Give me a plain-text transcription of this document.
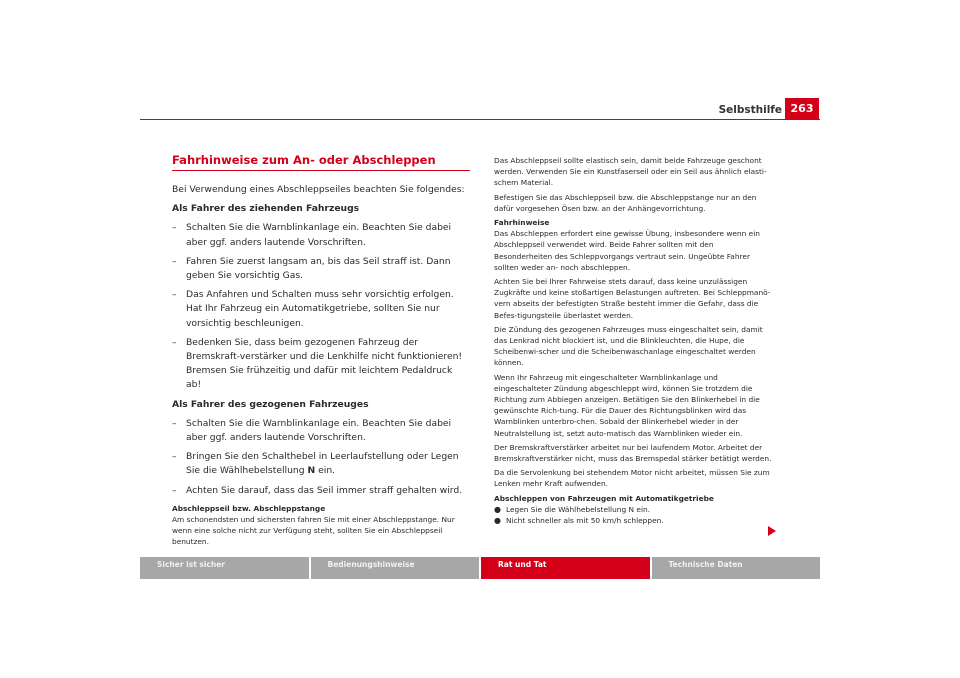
Selbsthilfe 263
Fahrhinweise zum An- oder Abschleppen
Bei Verwendung eines Abschleppseiles beachten Sie folgendes:
Als Fahrer des ziehenden Fahrzeugs
– Schalten Sie die Warnblinkanlage ein. Beachten Sie dabei aber ggf. anders lautende Vorschriften.
– Fahren Sie zuerst langsam an, bis das Seil straff ist. Dann geben Sie vorsichtig Gas.
– Das Anfahren und Schalten muss sehr vorsichtig erfolgen. Hat Ihr Fahrzeug ein Automatikgetriebe, sollten Sie nur vorsichtig beschleunigen.
– Bedenken Sie, dass beim gezogenen Fahrzeug der Bremskraft-verstärker und die Lenkhilfe nicht funktionieren! Bremsen Sie frühzeitig und dafür mit leichtem Pedaldruck ab!
Als Fahrer des gezogenen Fahrzeuges
– Schalten Sie die Warnblinkanlage ein. Beachten Sie dabei aber ggf. anders lautende Vorschriften.
– Bringen Sie den Schalthebel in Leerlaufstellung oder Legen Sie die Wählhebelstellung N ein.
– Achten Sie darauf, dass das Seil immer straff gehalten wird.
Abschleppseil bzw. Abschleppstange
Am schonendsten und sichersten fahren Sie mit einer Abschleppstange. Nur wenn eine solche nicht zur Verfügung steht, sollten Sie ein Abschleppseil benutzen.
Das Abschleppseil sollte elastisch sein, damit beide Fahrzeuge geschont werden. Verwenden Sie ein Kunstfaserseil oder ein Seil aus ähnlich elasti-schem Material.
Befestigen Sie das Abschleppseil bzw. die Abschleppstange nur an den dafür vorgesehen Ösen bzw. an der Anhängevorrichtung.
Fahrhinweise
Das Abschleppen erfordert eine gewisse Übung, insbesondere wenn ein Abschleppseil verwendet wird. Beide Fahrer sollten mit den Besonderheiten des Schleppvorgangs vertraut sein. Ungeübte Fahrer sollten weder an- noch abschleppen.
Achten Sie bei Ihrer Fahrweise stets darauf, dass keine unzulässigen Zugkräfte und keine stoßartigen Belastungen auftreten. Bei Schleppmanö-vern abseits der befestigten Straße besteht immer die Gefahr, dass die Befes-tigungsteile überlastet werden.
Die Zündung des gezogenen Fahrzeuges muss eingeschaltet sein, damit das Lenkrad nicht blockiert ist, und die Blinkleuchten, die Hupe, die Scheibenwi-scher und die Scheibenwaschanlage eingeschaltet werden können.
Wenn Ihr Fahrzeug mit eingeschalteter Warnblinkanlage und eingeschalteter Zündung abgeschleppt wird, können Sie trotzdem die Richtung zum Abbiegen anzeigen. Betätigen Sie den Blinkerhebel in die gewünschte Rich-tung. Für die Dauer des Richtungsblinken wird das Warnblinken unterbro-chen. Sobald der Blinkerhebel wieder in der Neutralstellung ist, setzt auto-matisch das Warnblinken wieder ein.
Der Bremskraftverstärker arbeitet nur bei laufendem Motor. Arbeitet der Bremskraftverstärker nicht, muss das Bremspedal stärker betätigt werden.
Da die Servolenkung bei stehendem Motor nicht arbeitet, müssen Sie zum Lenken mehr Kraft aufwenden.
Abschleppen von Fahrzeugen mit Automatikgetriebe
● Legen Sie die Wählhebelstellung N ein.
● Nicht schneller als mit 50 km/h schleppen.
Sicher ist sicher	Bedienungshinweise	Rat und Tat	Technische Daten
